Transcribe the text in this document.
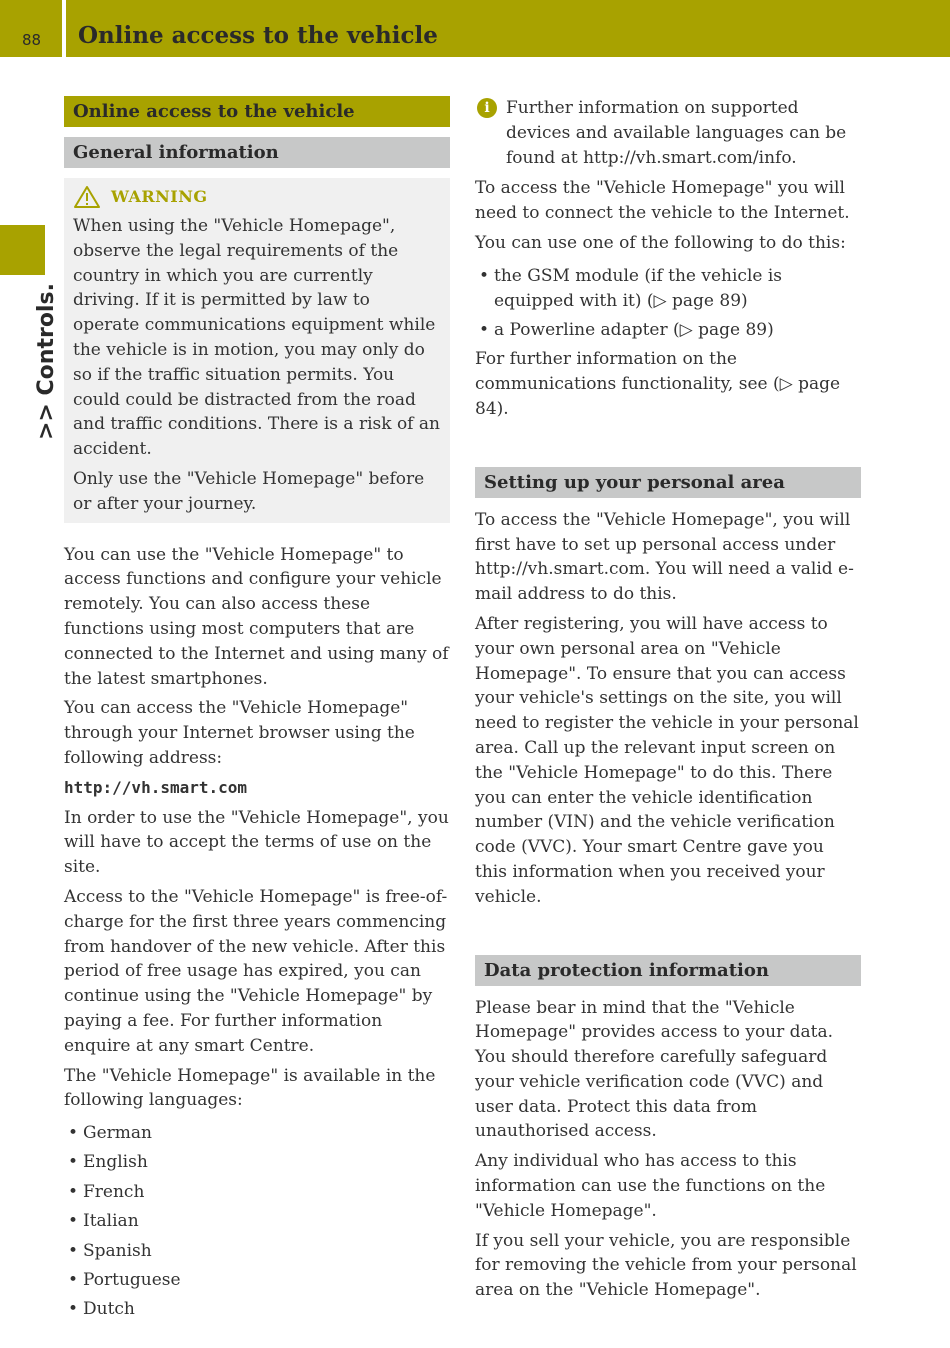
88 Online access to the vehicle
>> Controls.
Online access to the vehicle
General information
WARNING

When using the "Vehicle Homepage", observe the legal requirements of the country in which you are currently driving. If it is permitted by law to operate communications equipment while the vehicle is in motion, you may only do so if the traffic situation permits. You could could be distracted from the road and traffic conditions. There is a risk of an accident.

Only use the "Vehicle Homepage" before or after your journey.

You can use the "Vehicle Homepage" to access functions and configure your vehicle remotely. You can also access these functions using most computers that are connected to the Internet and using many of the latest smartphones.

You can access the "Vehicle Homepage" through your Internet browser using the following address:

http://vh.smart.com

In order to use the "Vehicle Homepage", you will have to accept the terms of use on the site.

Access to the "Vehicle Homepage" is free-of-charge for the first three years commencing from handover of the new vehicle. After this period of free usage has expired, you can continue using the "Vehicle Homepage" by paying a fee. For further information enquire at any smart Centre.

The "Vehicle Homepage" is available in the following languages:

• German
• English
• French
• Italian
• Spanish
• Portuguese
• Dutch
i Further information on supported devices and available languages can be found at http://vh.smart.com/info.

To access the "Vehicle Homepage" you will need to connect the vehicle to the Internet.

You can use one of the following to do this:

• the GSM module (if the vehicle is equipped with it) (▷ page 89)
• a Powerline adapter (▷ page 89)

For further information on the communications functionality, see (▷ page 84).

Setting up your personal area

To access the "Vehicle Homepage", you will first have to set up personal access under http://vh.smart.com. You will need a valid e-mail address to do this.

After registering, you will have access to your own personal area on "Vehicle Homepage". To ensure that you can access your vehicle's settings on the site, you will need to register the vehicle in your personal area. Call up the relevant input screen on the "Vehicle Homepage" to do this. There you can enter the vehicle identification number (VIN) and the vehicle verification code (VVC). Your smart Centre gave you this information when you received your vehicle.

Data protection information

Please bear in mind that the "Vehicle Homepage" provides access to your data. You should therefore carefully safeguard your vehicle verification code (VVC) and user data. Protect this data from unauthorised access.

Any individual who has access to this information can use the functions on the "Vehicle Homepage".

If you sell your vehicle, you are responsible for removing the vehicle from your personal area on the "Vehicle Homepage".
